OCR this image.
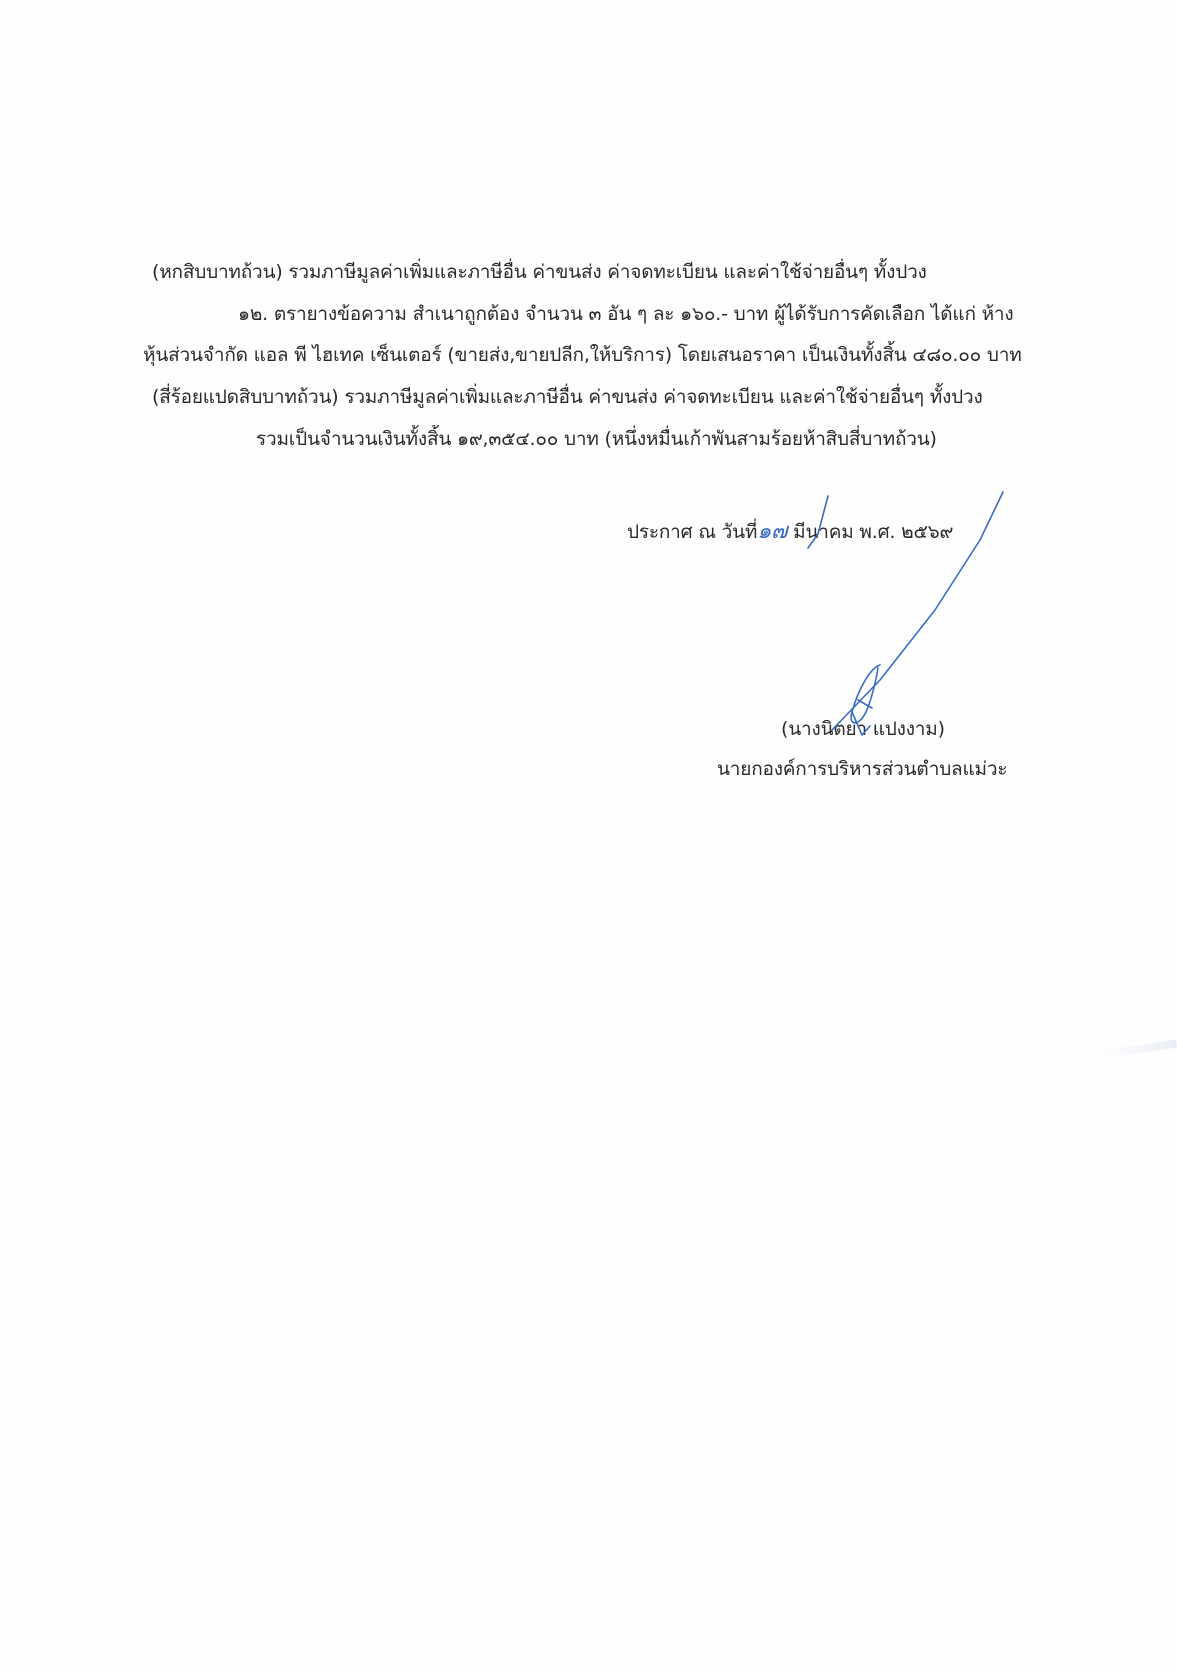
(หกสิบบาทถ้วน) รวมภาษีมูลค่าเพิ่มและภาษีอื่น ค่าขนส่ง ค่าจดทะเบียน และค่าใช้จ่ายอื่นๆ ทั้งปวง
๑๒. ตรายางข้อความ สำเนาถูกต้อง จำนวน ๓ อัน ๆ ละ ๑๖๐.- บาท ผู้ได้รับการคัดเลือก ได้แก่ ห้าง
หุ้นส่วนจำกัด แอล พี ไฮเทค เซ็นเตอร์ (ขายส่ง,ขายปลีก,ให้บริการ) โดยเสนอราคา เป็นเงินทั้งสิ้น ๔๘๐.๐๐ บาท
(สี่ร้อยแปดสิบบาทถ้วน) รวมภาษีมูลค่าเพิ่มและภาษีอื่น ค่าขนส่ง ค่าจดทะเบียน และค่าใช้จ่ายอื่นๆ ทั้งปวง
รวมเป็นจำนวนเงินทั้งสิ้น ๑๙,๓๕๔.๐๐ บาท (หนึ่งหมื่นเก้าพันสามร้อยห้าสิบสี่บาทถ้วน)
ประกาศ ณ วันที่๑๗ มีนาคม พ.ศ. ๒๕๖๙
(นางนิตยา แปงงาม)
นายกองค์การบริหารส่วนตำบลแม่วะ
